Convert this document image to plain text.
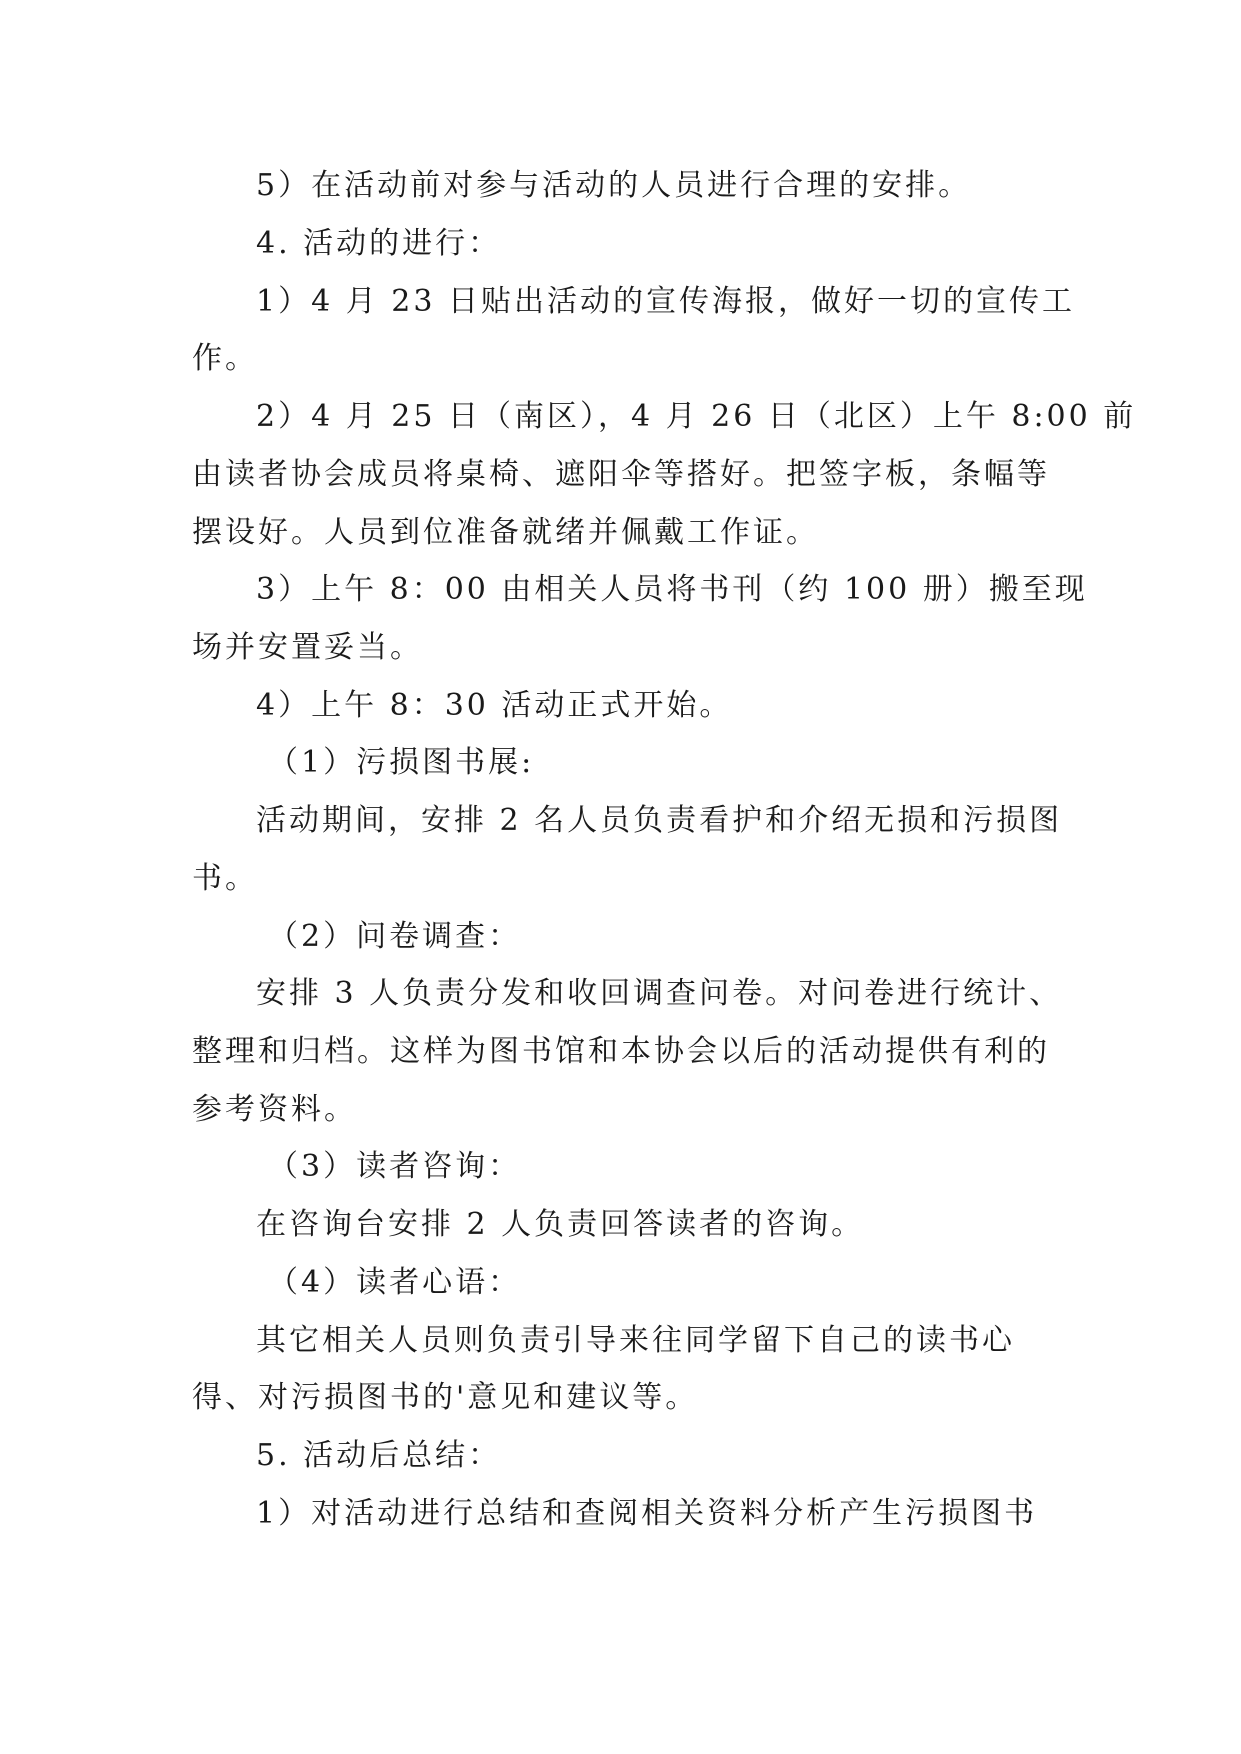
5）在活动前对参与活动的人员进行合理的安排。
4. 活动的进行：
1）4 月 23 日贴出活动的宣传海报，做好一切的宣传工
作。
2）4 月 25 日（南区），4 月 26 日（北区）上午 8:00 前
由读者协会成员将桌椅、遮阳伞等搭好。把签字板，条幅等
摆设好。人员到位准备就绪并佩戴工作证。
3）上午 8：00 由相关人员将书刊（约 100 册）搬至现
场并安置妥当。
4）上午 8：30 活动正式开始。
（1）污损图书展:
活动期间，安排 2 名人员负责看护和介绍无损和污损图
书。
（2）问卷调查：
安排 3 人负责分发和收回调查问卷。对问卷进行统计、
整理和归档。这样为图书馆和本协会以后的活动提供有利的
参考资料。
（3）读者咨询：
在咨询台安排 2 人负责回答读者的咨询。
（4）读者心语：
其它相关人员则负责引导来往同学留下自己的读书心
得、对污损图书的'意见和建议等。
5. 活动后总结：
1）对活动进行总结和查阅相关资料分析产生污损图书
